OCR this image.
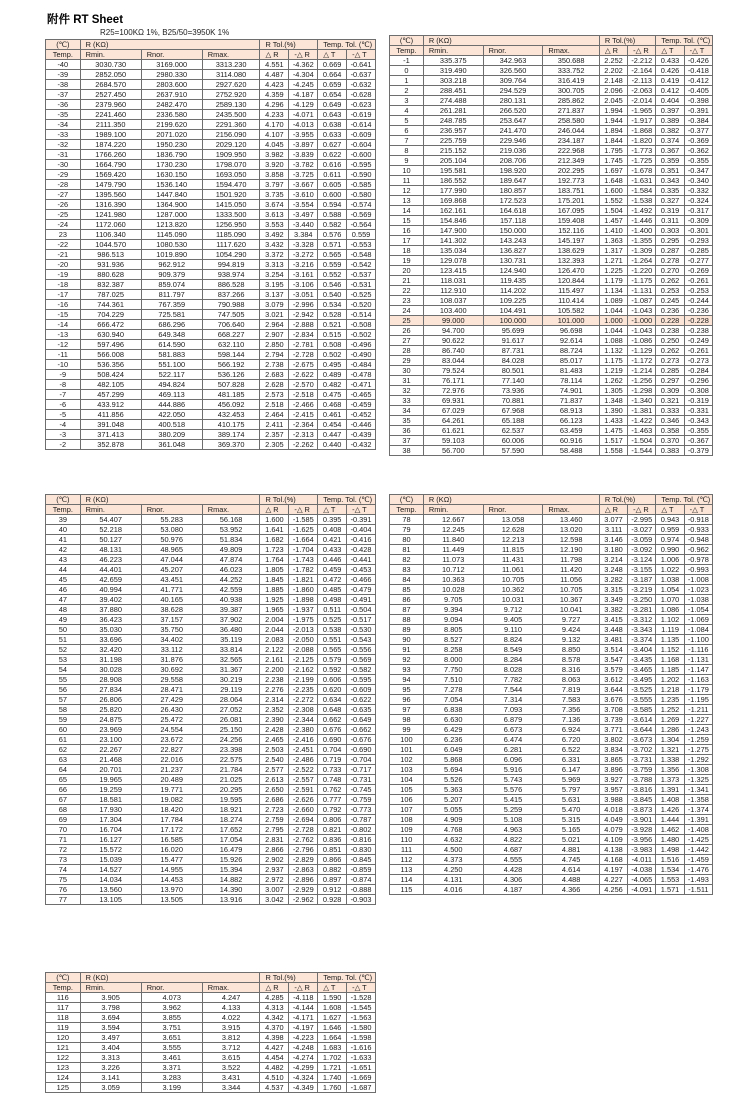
附件 RT Sheet
R25=100KΩ 1%, B25/50=3950K 1%
(℃)	R (KΩ)			R Tol.(%)		Temp. Tol. (℃)	
Temp.	Rmin.	Rnor.	Rmax.	△ R	-△ R	△ T	-△ T
-40	3030.730	3169.000	3313.230	4.551	-4.362	0.669	-0.641
-39	2852.050	2980.330	3114.080	4.487	-4.304	0.664	-0.637
-38	2684.570	2803.600	2927.620	4.423	-4.245	0.659	-0.632
-37	2527.450	2637.910	2752.920	4.359	-4.187	0.654	-0.628
-36	2379.960	2482.470	2589.130	4.296	-4.129	0.649	-0.623
-35	2241.460	2336.580	2435.500	4.233	-4.071	0.643	-0.619
-34	2111.350	2199.620	2291.360	4.170	-4.013	0.638	-0.614
-33	1989.100	2071.020	2156.090	4.107	-3.955	0.633	-0.609
-32	1874.220	1950.230	2029.120	4.045	-3.897	0.627	-0.604
-31	1766.260	1836.790	1909.950	3.982	-3.839	0.622	-0.600
-30	1664.790	1730.230	1798.070	3.920	-3.782	0.616	-0.595
-29	1569.420	1630.150	1693.050	3.858	-3.725	0.611	-0.590
-28	1479.790	1536.140	1594.470	3.797	-3.667	0.605	-0.585
-27	1395.560	1447.840	1501.920	3.735	-3.610	0.600	-0.580
-26	1316.390	1364.900	1415.050	3.674	-3.554	0.594	-0.574
-25	1241.980	1287.000	1333.500	3.613	-3.497	0.588	-0.569
-24	1172.060	1213.820	1256.950	3.553	-3.440	0.582	-0.564
23	1106.340	1145.090	1185.090	3.492	3.384	0.576	0.559
-22	1044.570	1080.530	1117.620	3.432	-3.328	0.571	-0.553
-21	986.513	1019.890	1054.290	3.372	-3.272	0.565	-0.548
-20	931.936	962.912	994.819	3.313	-3.216	0.559	-0.542
-19	880.628	909.379	938.974	3.254	-3.161	0.552	-0.537
-18	832.387	859.074	886.528	3.195	-3.106	0.546	-0.531
-17	787.025	811.797	837.266	3.137	-3.051	0.540	-0.525
-16	744.361	767.359	790.988	3.079	-2.996	0.534	-0.520
-15	704.229	725.581	747.505	3.021	-2.942	0.528	-0.514
-14	666.472	686.296	706.640	2.964	-2.888	0.521	-0.508
-13	630.940	649.348	668.227	2.907	-2.834	0.515	-0.502
-12	597.496	614.590	632.110	2.850	-2.781	0.508	-0.496
-11	566.008	581.883	598.144	2.794	-2.728	0.502	-0.490
-10	536.356	551.100	566.192	2.738	-2.675	0.495	-0.484
-9	508.424	522.117	536.126	2.683	-2.622	0.489	-0.478
-8	482.105	494.824	507.828	2.628	-2.570	0.482	-0.471
-7	457.299	469.113	481.185	2.573	-2.518	0.475	-0.465
-6	433.912	444.886	456.092	2.518	-2.466	0.468	-0.459
-5	411.856	422.050	432.453	2.464	-2.415	0.461	-0.452
-4	391.048	400.518	410.175	2.411	-2.364	0.454	-0.446
-3	371.413	380.209	389.174	2.357	-2.313	0.447	-0.439
-2	352.878	361.048	369.370	2.305	-2.262	0.440	-0.432
(℃)	R (KΩ)			R Tol.(%)		Temp. Tol. (℃)	
Temp.	Rmin.	Rnor.	Rmax.	△ R	-△ R	△ T	-△ T
-1	335.375	342.963	350.688	2.252	-2.212	0.433	-0.426
0	319.490	326.560	333.752	2.202	-2.164	0.426	-0.418
1	303.218	309.764	316.419	2.148	-2.113	0.419	-0.412
2	288.451	294.529	300.705	2.096	-2.063	0.412	-0.405
3	274.488	280.131	285.862	2.045	-2.014	0.404	-0.398
4	261.281	266.520	271.837	1.994	-1.965	0.397	-0.391
5	248.785	253.647	258.580	1.944	-1.917	0.389	-0.384
6	236.957	241.470	246.044	1.894	-1.868	0.382	-0.377
7	225.759	229.946	234.187	1.844	-1.820	0.374	-0.369
8	215.152	219.036	222.968	1.795	-1.773	0.367	-0.362
9	205.104	208.706	212.349	1.745	-1.725	0.359	-0.355
10	195.581	198.920	202.295	1.697	-1.678	0.351	-0.347
11	186.552	189.647	192.773	1.648	-1.631	0.343	-0.340
12	177.990	180.857	183.751	1.600	-1.584	0.335	-0.332
13	169.868	172.523	175.201	1.552	-1.538	0.327	-0.324
14	162.161	164.618	167.095	1.504	-1.492	0.319	-0.317
15	154.846	157.118	159.408	1.457	-1.446	0.311	-0.309
16	147.900	150.000	152.116	1.410	-1.400	0.303	-0.301
17	141.302	143.243	145.197	1.363	-1.355	0.295	-0.293
18	135.034	136.827	138.629	1.317	-1.309	0.287	-0.285
19	129.078	130.731	132.393	1.271	-1.264	0.278	-0.277
20	123.415	124.940	126.470	1.225	-1.220	0.270	-0.269
21	118.031	119.435	120.844	1.179	-1.175	0.262	-0.261
22	112.910	114.202	115.497	1.134	-1.131	0.253	-0.253
23	108.037	109.225	110.414	1.089	-1.087	0.245	-0.244
24	103.400	104.491	105.582	1.044	-1.043	0.236	-0.236
25	99.000	100.000	101.000	1.000	-1.000	0.228	-0.228
26	94.700	95.699	96.698	1.044	-1.043	0.238	-0.238
27	90.622	91.617	92.614	1.088	-1.086	0.250	-0.249
28	86.740	87.731	88.724	1.132	-1.129	0.262	-0.261
29	83.044	84.028	85.017	1.175	-1.172	0.273	-0.273
30	79.524	80.501	81.483	1.219	-1.214	0.285	-0.284
31	76.171	77.140	78.114	1.262	-1.256	0.297	-0.296
32	72.976	73.936	74.901	1.305	-1.298	0.309	-0.308
33	69.931	70.881	71.837	1.348	-1.340	0.321	-0.319
34	67.029	67.968	68.913	1.390	-1.381	0.333	-0.331
35	64.261	65.188	66.123	1.433	-1.422	0.346	-0.343
36	61.621	62.537	63.459	1.475	-1.463	0.358	-0.355
37	59.103	60.006	60.916	1.517	-1.504	0.370	-0.367
38	56.700	57.590	58.488	1.558	-1.544	0.383	-0.379
(℃)	R (KΩ)			R Tol.(%)		Temp. Tol. (℃)	
Temp.	Rmin.	Rnor.	Rmax.	△ R	-△ R	△ T	-△ T
39	54.407	55.283	56.168	1.600	-1.585	0.395	-0.391
40	52.218	53.080	53.952	1.641	-1.625	0.408	-0.404
41	50.127	50.976	51.834	1.682	-1.664	0.421	-0.416
42	48.131	48.965	49.809	1.723	-1.704	0.433	-0.428
43	46.223	47.044	47.874	1.764	-1.743	0.446	-0.441
44	44.401	45.207	46.023	1.805	-1.782	0.459	-0.453
45	42.659	43.451	44.252	1.845	-1.821	0.472	-0.466
46	40.994	41.771	42.559	1.885	-1.860	0.485	-0.479
47	39.402	40.165	40.938	1.925	-1.898	0.498	-0.491
48	37.880	38.628	39.387	1.965	-1.937	0.511	-0.504
49	36.423	37.157	37.902	2.004	-1.975	0.525	-0.517
50	35.030	35.750	36.480	2.044	-2.013	0.538	-0.530
51	33.696	34.402	35.119	2.083	-2.050	0.551	-0.543
52	32.420	33.112	33.814	2.122	-2.088	0.565	-0.556
53	31.198	31.876	32.565	2.161	-2.125	0.579	-0.569
54	30.028	30.692	31.367	2.200	-2.162	0.592	-0.582
55	28.908	29.558	30.219	2.238	-2.199	0.606	-0.595
56	27.834	28.471	29.119	2.276	-2.235	0.620	-0.609
57	26.806	27.429	28.064	2.314	-2.272	0.634	-0.622
58	25.820	26.430	27.052	2.352	-2.308	0.648	-0.635
59	24.875	25.472	26.081	2.390	-2.344	0.662	-0.649
60	23.969	24.554	25.150	2.428	-2.380	0.676	-0.662
61	23.100	23.672	24.256	2.465	-2.416	0.690	-0.676
62	22.267	22.827	23.398	2.503	-2.451	0.704	-0.690
63	21.468	22.016	22.575	2.540	-2.486	0.719	-0.704
64	20.701	21.237	21.784	2.577	-2.522	0.733	-0.717
65	19.965	20.489	21.025	2.613	-2.557	0.748	-0.731
66	19.259	19.771	20.295	2.650	-2.591	0.762	-0.745
67	18.581	19.082	19.595	2.686	-2.626	0.777	-0.759
68	17.930	18.420	18.921	2.723	-2.660	0.792	-0.773
69	17.304	17.784	18.274	2.759	-2.694	0.806	-0.787
70	16.704	17.172	17.652	2.795	-2.728	0.821	-0.802
71	16.127	16.585	17.054	2.831	-2.762	0.836	-0.816
72	15.572	16.020	16.479	2.866	-2.796	0.851	-0.830
73	15.039	15.477	15.926	2.902	-2.829	0.866	-0.845
74	14.527	14.955	15.394	2.937	-2.863	0.882	-0.859
75	14.034	14.453	14.882	2.972	-2.896	0.897	-0.874
76	13.560	13.970	14.390	3.007	-2.929	0.912	-0.888
77	13.105	13.505	13.916	3.042	-2.962	0.928	-0.903
(℃)	R (KΩ)			R Tol.(%)		Temp. Tol. (℃)	
Temp.	Rmin.	Rnor.	Rmax.	△ R	-△ R	△ T	-△ T
78	12.667	13.058	13.460	3.077	-2.995	0.943	-0.918
79	12.245	12.628	13.020	3.111	-3.027	0.959	-0.933
80	11.840	12.213	12.598	3.146	-3.059	0.974	-0.948
81	11.449	11.815	12.190	3.180	-3.092	0.990	-0.962
82	11.073	11.431	11.798	3.214	-3.124	1.006	-0.978
83	10.712	11.061	11.420	3.248	-3.155	1.022	-0.993
84	10.363	10.705	11.056	3.282	-3.187	1.038	-1.008
85	10.028	10.362	10.705	3.315	-3.219	1.054	-1.023
86	9.705	10.031	10.367	3.349	-3.250	1.070	-1.038
87	9.394	9.712	10.041	3.382	-3.281	1.086	-1.054
88	9.094	9.405	9.727	3.415	-3.312	1.102	-1.069
89	8.805	9.110	9.424	3.448	-3.343	1.119	-1.084
90	8.527	8.824	9.132	3.481	-3.374	1.135	-1.100
91	8.258	8.549	8.850	3.514	-3.404	1.152	-1.116
92	8.000	8.284	8.578	3.547	-3.435	1.168	-1.131
93	7.750	8.028	8.316	3.579	-3.465	1.185	-1.147
94	7.510	7.782	8.063	3.612	-3.495	1.202	-1.163
95	7.278	7.544	7.819	3.644	-3.525	1.218	-1.179
96	7.054	7.314	7.583	3.676	-3.555	1.235	-1.195
97	6.838	7.093	7.356	3.708	-3.585	1.252	-1.211
98	6.630	6.879	7.136	3.739	-3.614	1.269	-1.227
99	6.429	6.673	6.924	3.771	-3.644	1.286	-1.243
100	6.236	6.474	6.720	3.802	-3.673	1.304	-1.259
101	6.049	6.281	6.522	3.834	-3.702	1.321	-1.275
102	5.868	6.096	6.331	3.865	-3.731	1.338	-1.292
103	5.694	5.916	6.147	3.896	-3.759	1.356	-1.308
104	5.526	5.743	5.969	3.927	-3.788	1.373	-1.325
105	5.363	5.576	5.797	3.957	-3.816	1.391	-1.341
106	5.207	5.415	5.631	3.988	-3.845	1.408	-1.358
107	5.055	5.259	5.470	4.018	-3.873	1.426	-1.374
108	4.909	5.108	5.315	4.049	-3.901	1.444	-1.391
109	4.768	4.963	5.165	4.079	-3.928	1.462	-1.408
110	4.632	4.822	5.021	4.109	-3.956	1.480	-1.425
111	4.500	4.687	4.881	4.138	-3.983	1.498	-1.442
112	4.373	4.555	4.745	4.168	-4.011	1.516	-1.459
113	4.250	4.428	4.614	4.197	-4.038	1.534	-1.476
114	4.131	4.306	4.488	4.227	-4.065	1.553	-1.493
115	4.016	4.187	4.366	4.256	-4.091	1.571	-1.511
(℃)	R (KΩ)			R Tol.(%)		Temp. Tol. (℃)	
Temp.	Rmin.	Rnor.	Rmax.	△ R	-△ R	△ T	-△ T
116	3.905	4.073	4.247	4.285	-4.118	1.590	-1.528
117	3.798	3.962	4.133	4.313	-4.144	1.608	-1.545
118	3.694	3.855	4.022	4.342	-4.171	1.627	-1.563
119	3.594	3.751	3.915	4.370	-4.197	1.646	-1.580
120	3.497	3.651	3.812	4.398	-4.223	1.664	-1.598
121	3.404	3.555	3.712	4.427	-4.248	1.683	-1.616
122	3.313	3.461	3.615	4.454	-4.274	1.702	-1.633
123	3.226	3.371	3.522	4.482	-4.299	1.721	-1.651
124	3.141	3.283	3.431	4.510	-4.324	1.740	-1.669
125	3.059	3.199	3.344	4.537	-4.349	1.760	-1.687
